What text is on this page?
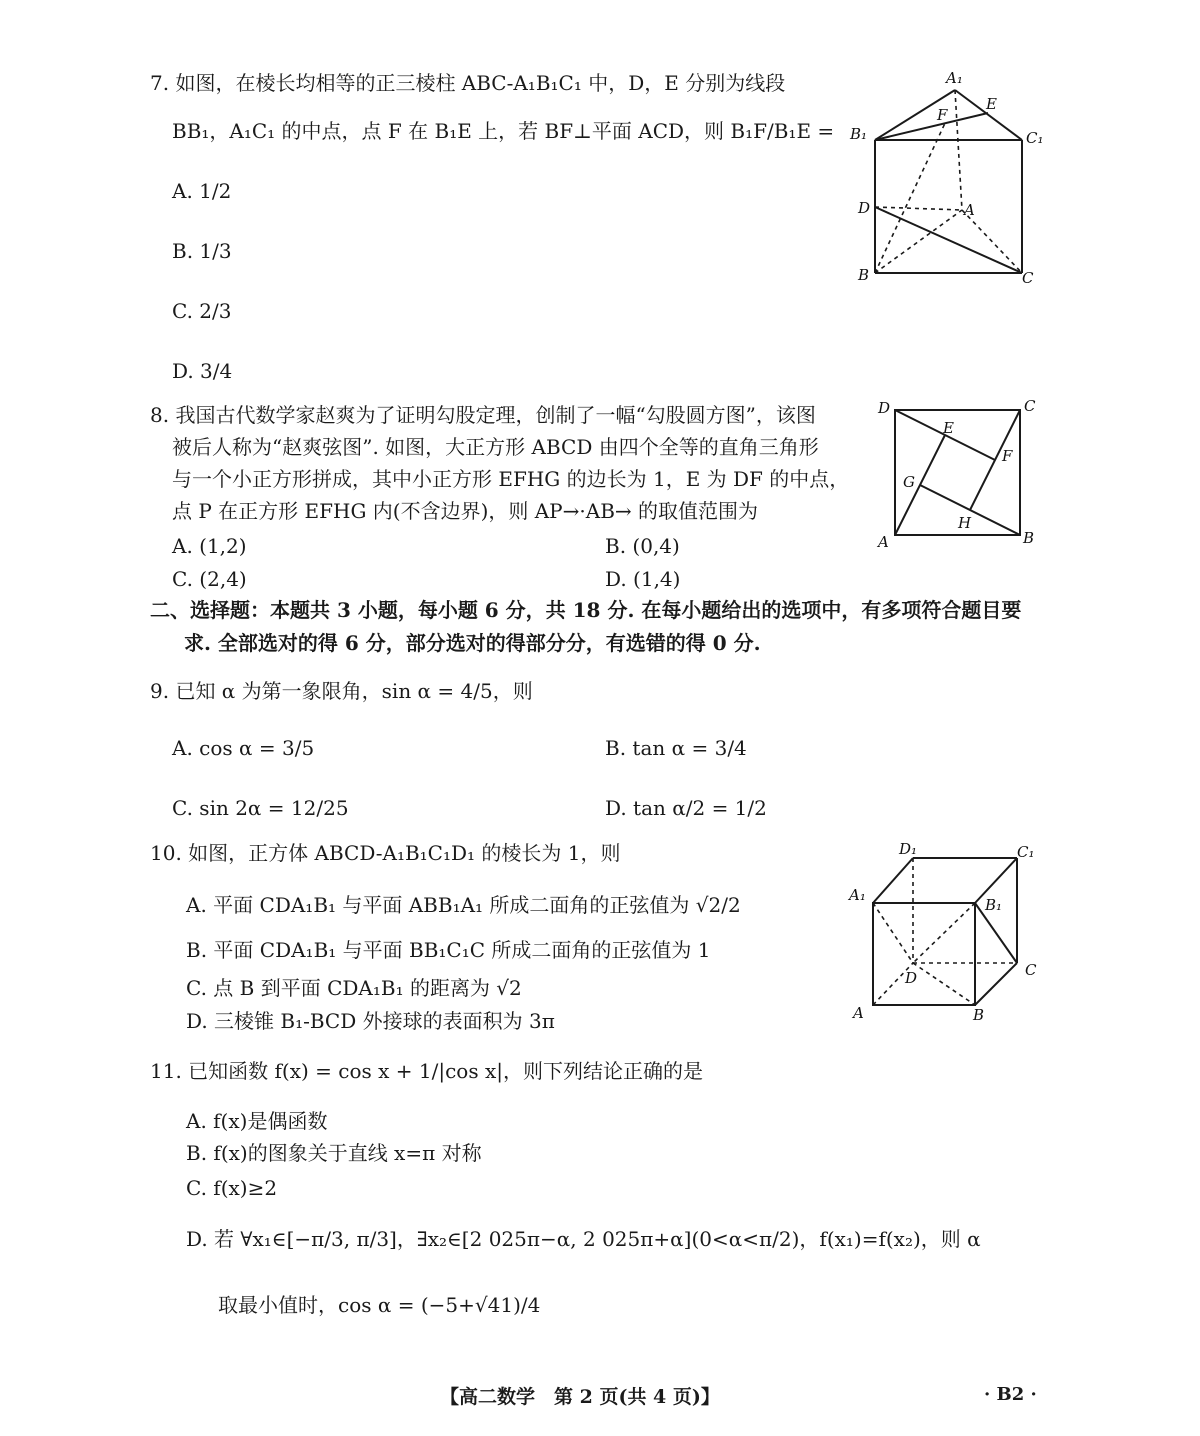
7. 如图，在棱长均相等的正三棱柱 ABC-A₁B₁C₁ 中，D，E 分别为线段
BB₁，A₁C₁ 的中点，点 F 在 B₁E 上，若 BF⊥平面 ACD，则 B₁F/B₁E =
A. 1/2
B. 1/3
C. 2/3
D. 3/4
A₁
E
F
B₁	C₁
D	A
B	C
8. 我国古代数学家赵爽为了证明勾股定理，创制了一幅“勾股圆方图”，该图
被后人称为“赵爽弦图”. 如图，大正方形 ABCD 由四个全等的直角三角形
与一个小正方形拼成，其中小正方形 EFHG 的边长为 1，E 为 DF 的中点，
点 P 在正方形 EFHG 内(不含边界)，则 AP→·AB→ 的取值范围为
A. (1,2)	B. (0,4)
C. (2,4)	D. (1,4)
D	C
E
F
G
H
A	B
二、选择题：本题共 3 小题，每小题 6 分，共 18 分. 在每小题给出的选项中，有多项符合题目要
求. 全部选对的得 6 分，部分选对的得部分分，有选错的得 0 分.
9. 已知 α 为第一象限角，sin α = 4/5，则
A. cos α = 3/5	B. tan α = 3/4
C. sin 2α = 12/25	D. tan α/2 = 1/2
10. 如图，正方体 ABCD-A₁B₁C₁D₁ 的棱长为 1，则
A. 平面 CDA₁B₁ 与平面 ABB₁A₁ 所成二面角的正弦值为 √2/2
B. 平面 CDA₁B₁ 与平面 BB₁C₁C 所成二面角的正弦值为 1
C. 点 B 到平面 CDA₁B₁ 的距离为 √2
D. 三棱锥 B₁-BCD 外接球的表面积为 3π
D₁	C₁
A₁
B₁
D	C
A	B
11. 已知函数 f(x) = cos x + 1/|cos x|，则下列结论正确的是
A. f(x)是偶函数
B. f(x)的图象关于直线 x=π 对称
C. f(x)≥2
D. 若 ∀x₁∈[−π/3, π/3]，∃x₂∈[2 025π−α, 2 025π+α](0<α<π/2)，f(x₁)=f(x₂)，则 α
取最小值时，cos α = (−5+√41)/4
【高二数学　第 2 页(共 4 页)】	· B2 ·
